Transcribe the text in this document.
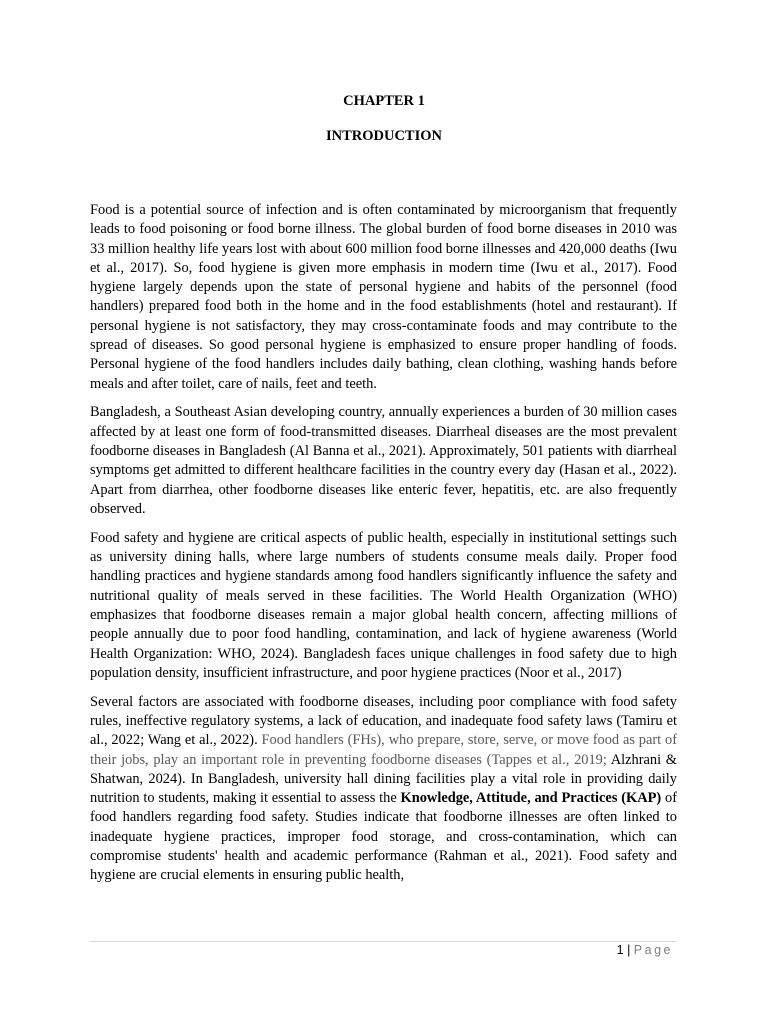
CHAPTER 1
INTRODUCTION

Food is a potential source of infection and is often contaminated by microorganism that frequently leads to food poisoning or food borne illness. The global burden of food borne diseases in 2010 was 33 million healthy life years lost with about 600 million food borne illnesses and 420,000 deaths (Iwu et al., 2017). So, food hygiene is given more emphasis in modern time (Iwu et al., 2017). Food hygiene largely depends upon the state of personal hygiene and habits of the personnel (food handlers) prepared food both in the home and in the food establishments (hotel and restaurant). If personal hygiene is not satisfactory, they may cross-contaminate foods and may contribute to the spread of diseases. So good personal hygiene is emphasized to ensure proper handling of foods. Personal hygiene of the food handlers includes daily bathing, clean clothing, washing hands before meals and after toilet, care of nails, feet and teeth.

Bangladesh, a Southeast Asian developing country, annually experiences a burden of 30 million cases affected by at least one form of food-transmitted diseases. Diarrheal diseases are the most prevalent foodborne diseases in Bangladesh (Al Banna et al., 2021). Approximately, 501 patients with diarrheal symptoms get admitted to different healthcare facilities in the country every day (Hasan et al., 2022). Apart from diarrhea, other foodborne diseases like enteric fever, hepatitis, etc. are also frequently observed.

Food safety and hygiene are critical aspects of public health, especially in institutional settings such as university dining halls, where large numbers of students consume meals daily. Proper food handling practices and hygiene standards among food handlers significantly influence the safety and nutritional quality of meals served in these facilities. The World Health Organization (WHO) emphasizes that foodborne diseases remain a major global health concern, affecting millions of people annually due to poor food handling, contamination, and lack of hygiene awareness (World Health Organization: WHO, 2024). Bangladesh faces unique challenges in food safety due to high population density, insufficient infrastructure, and poor hygiene practices (Noor et al., 2017)

Several factors are associated with foodborne diseases, including poor compliance with food safety rules, ineffective regulatory systems, a lack of education, and inadequate food safety laws (Tamiru et al., 2022; Wang et al., 2022). Food handlers (FHs), who prepare, store, serve, or move food as part of their jobs, play an important role in preventing foodborne diseases (Tappes et al., 2019; Alzhrani & Shatwan, 2024). In Bangladesh, university hall dining facilities play a vital role in providing daily nutrition to students, making it essential to assess the Knowledge, Attitude, and Practices (KAP) of food handlers regarding food safety. Studies indicate that foodborne illnesses are often linked to inadequate hygiene practices, improper food storage, and cross-contamination, which can compromise students' health and academic performance (Rahman et al., 2021). Food safety and hygiene are crucial elements in ensuring public health,

1 | Page
